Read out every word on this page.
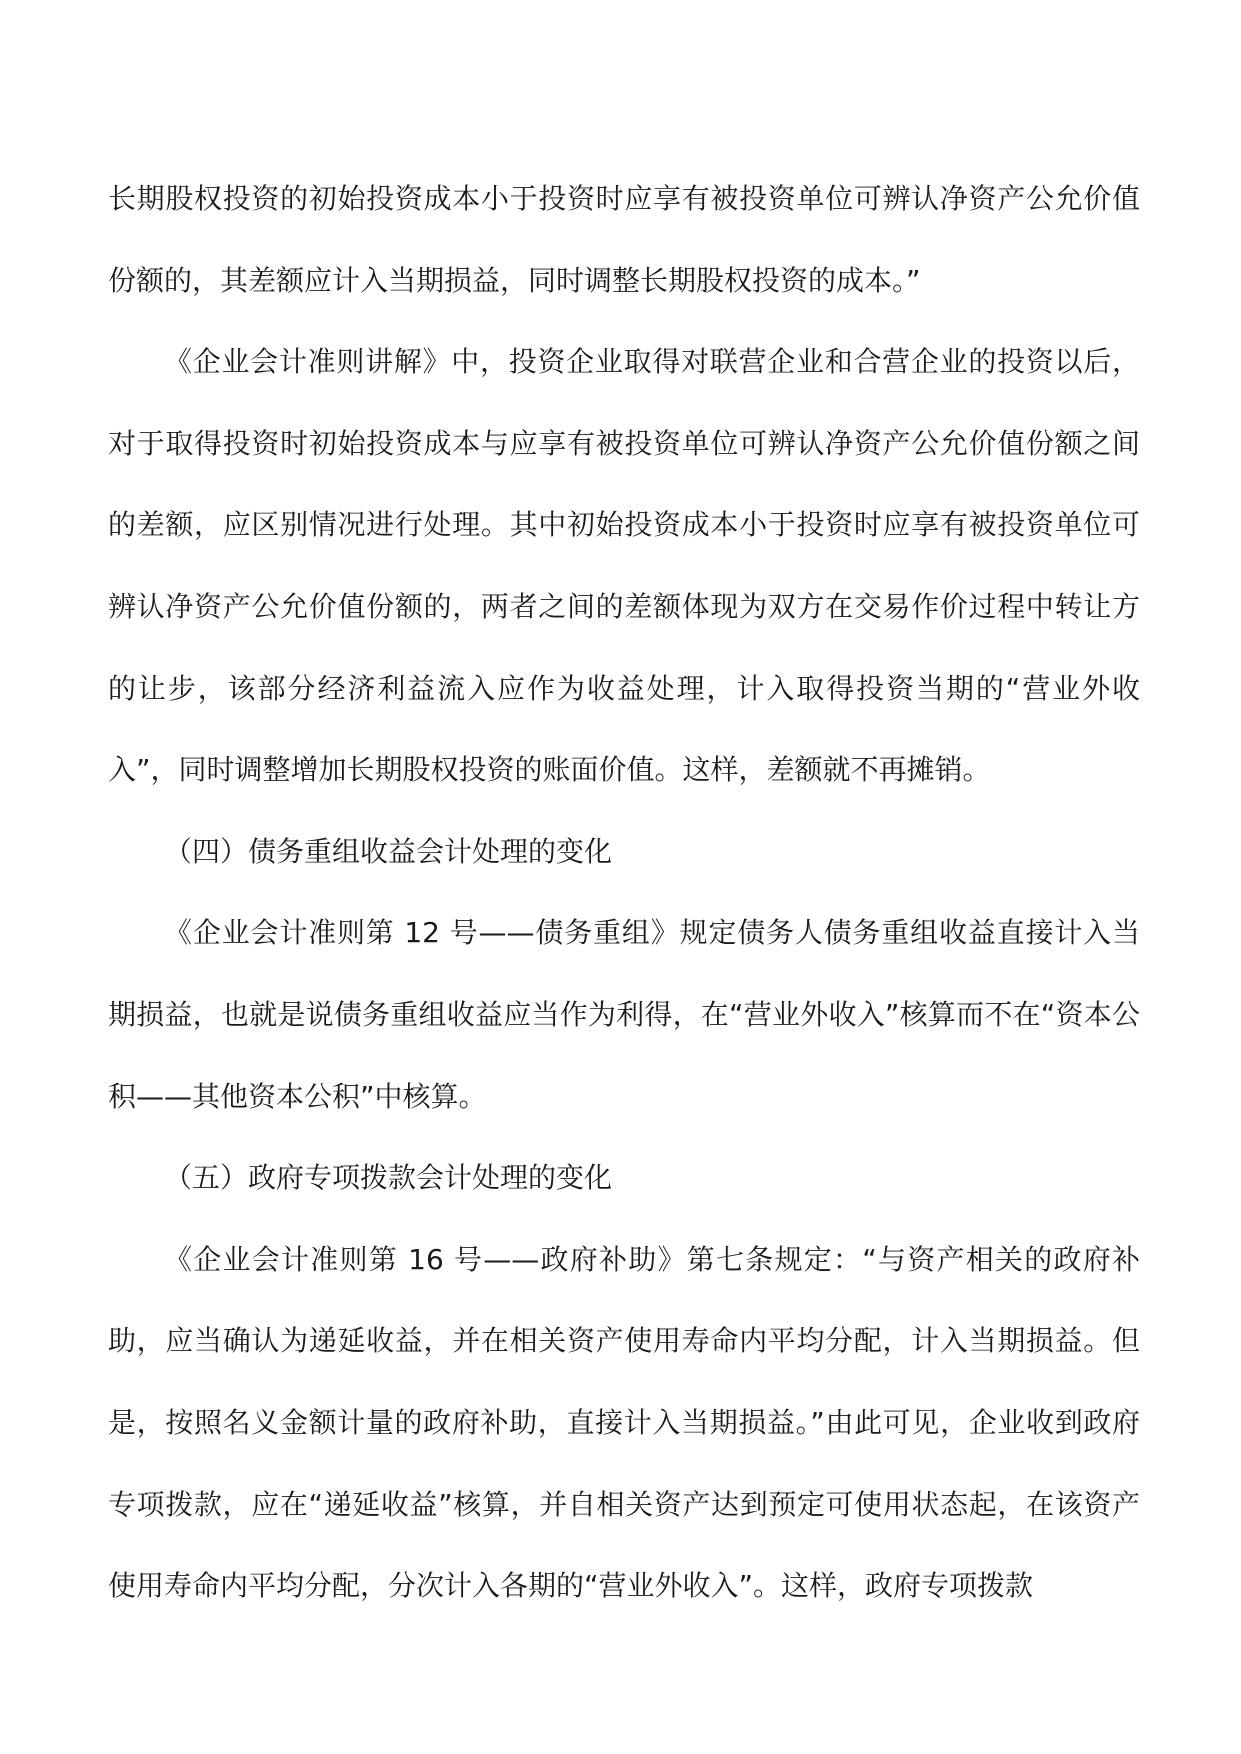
长期股权投资的初始投资成本小于投资时应享有被投资单位可辨认净资产公允价值份额的，其差额应计入当期损益，同时调整长期股权投资的成本。”

《企业会计准则讲解》中，投资企业取得对联营企业和合营企业的投资以后，对于取得投资时初始投资成本与应享有被投资单位可辨认净资产公允价值份额之间的差额，应区别情况进行处理。其中初始投资成本小于投资时应享有被投资单位可辨认净资产公允价值份额的，两者之间的差额体现为双方在交易作价过程中转让方的让步，该部分经济利益流入应作为收益处理，计入取得投资当期的“营业外收入”，同时调整增加长期股权投资的账面价值。这样，差额就不再摊销。

（四）债务重组收益会计处理的变化

《企业会计准则第 12 号——债务重组》规定债务人债务重组收益直接计入当期损益，也就是说债务重组收益应当作为利得，在“营业外收入”核算而不在“资本公积——其他资本公积”中核算。

（五）政府专项拨款会计处理的变化

《企业会计准则第 16 号——政府补助》第七条规定：“与资产相关的政府补助，应当确认为递延收益，并在相关资产使用寿命内平均分配，计入当期损益。但是，按照名义金额计量的政府补助，直接计入当期损益。”由此可见，企业收到政府专项拨款，应在“递延收益”核算，并自相关资产达到预定可使用状态起，在该资产使用寿命内平均分配，分次计入各期的“营业外收入”。这样，政府专项拨款
